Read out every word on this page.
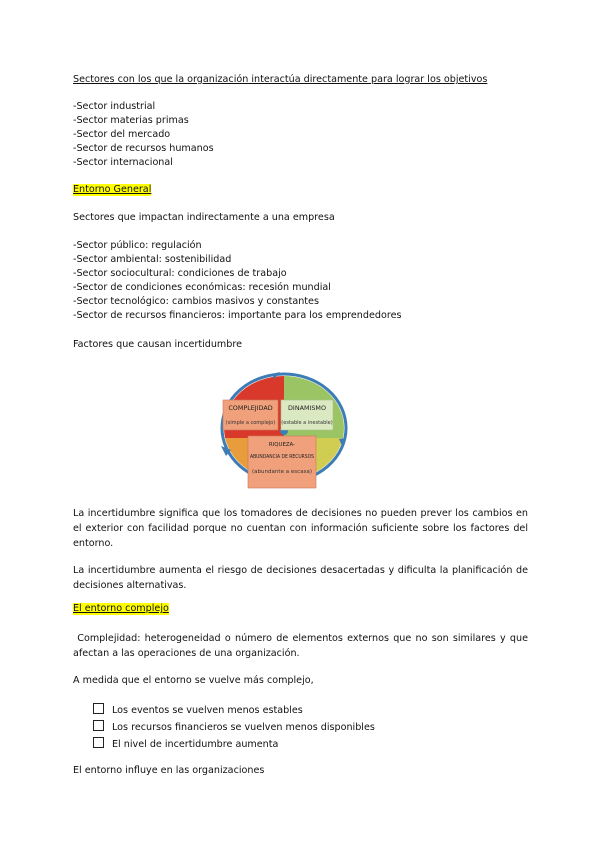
Sectores con los que la organización interactúa directamente para lograr los objetivos
-Sector industrial
-Sector materias primas
-Sector del mercado
-Sector de recursos humanos
-Sector internacional
Entorno General
Sectores que impactan indirectamente a una empresa
-Sector público: regulación
-Sector ambiental: sostenibilidad
-Sector sociocultural: condiciones de trabajo
-Sector de condiciones económicas: recesión mundial
-Sector tecnológico: cambios masivos y constantes
-Sector de recursos financieros: importante para los emprendedores
Factores que causan incertidumbre
COMPLEJIDAD
(simple a complejo)
DINAMISMO
(estable a inestable)
RIQUEZA-
ABUNDANCIA DE RECURSOS
(abundante a escasa)
La incertidumbre significa que los tomadores de decisiones no pueden prever los cambios en el exterior con facilidad porque no cuentan con información suficiente sobre los factores del entorno.
La incertidumbre aumenta el riesgo de decisiones desacertadas y dificulta la planificación de decisiones alternativas.
El entorno complejo
Complejidad: heterogeneidad o número de elementos externos que no son similares y que afectan a las operaciones de una organización.
A medida que el entorno se vuelve más complejo,
Los eventos se vuelven menos estables
Los recursos financieros se vuelven menos disponibles
El nivel de incertidumbre aumenta
El entorno influye en las organizaciones
